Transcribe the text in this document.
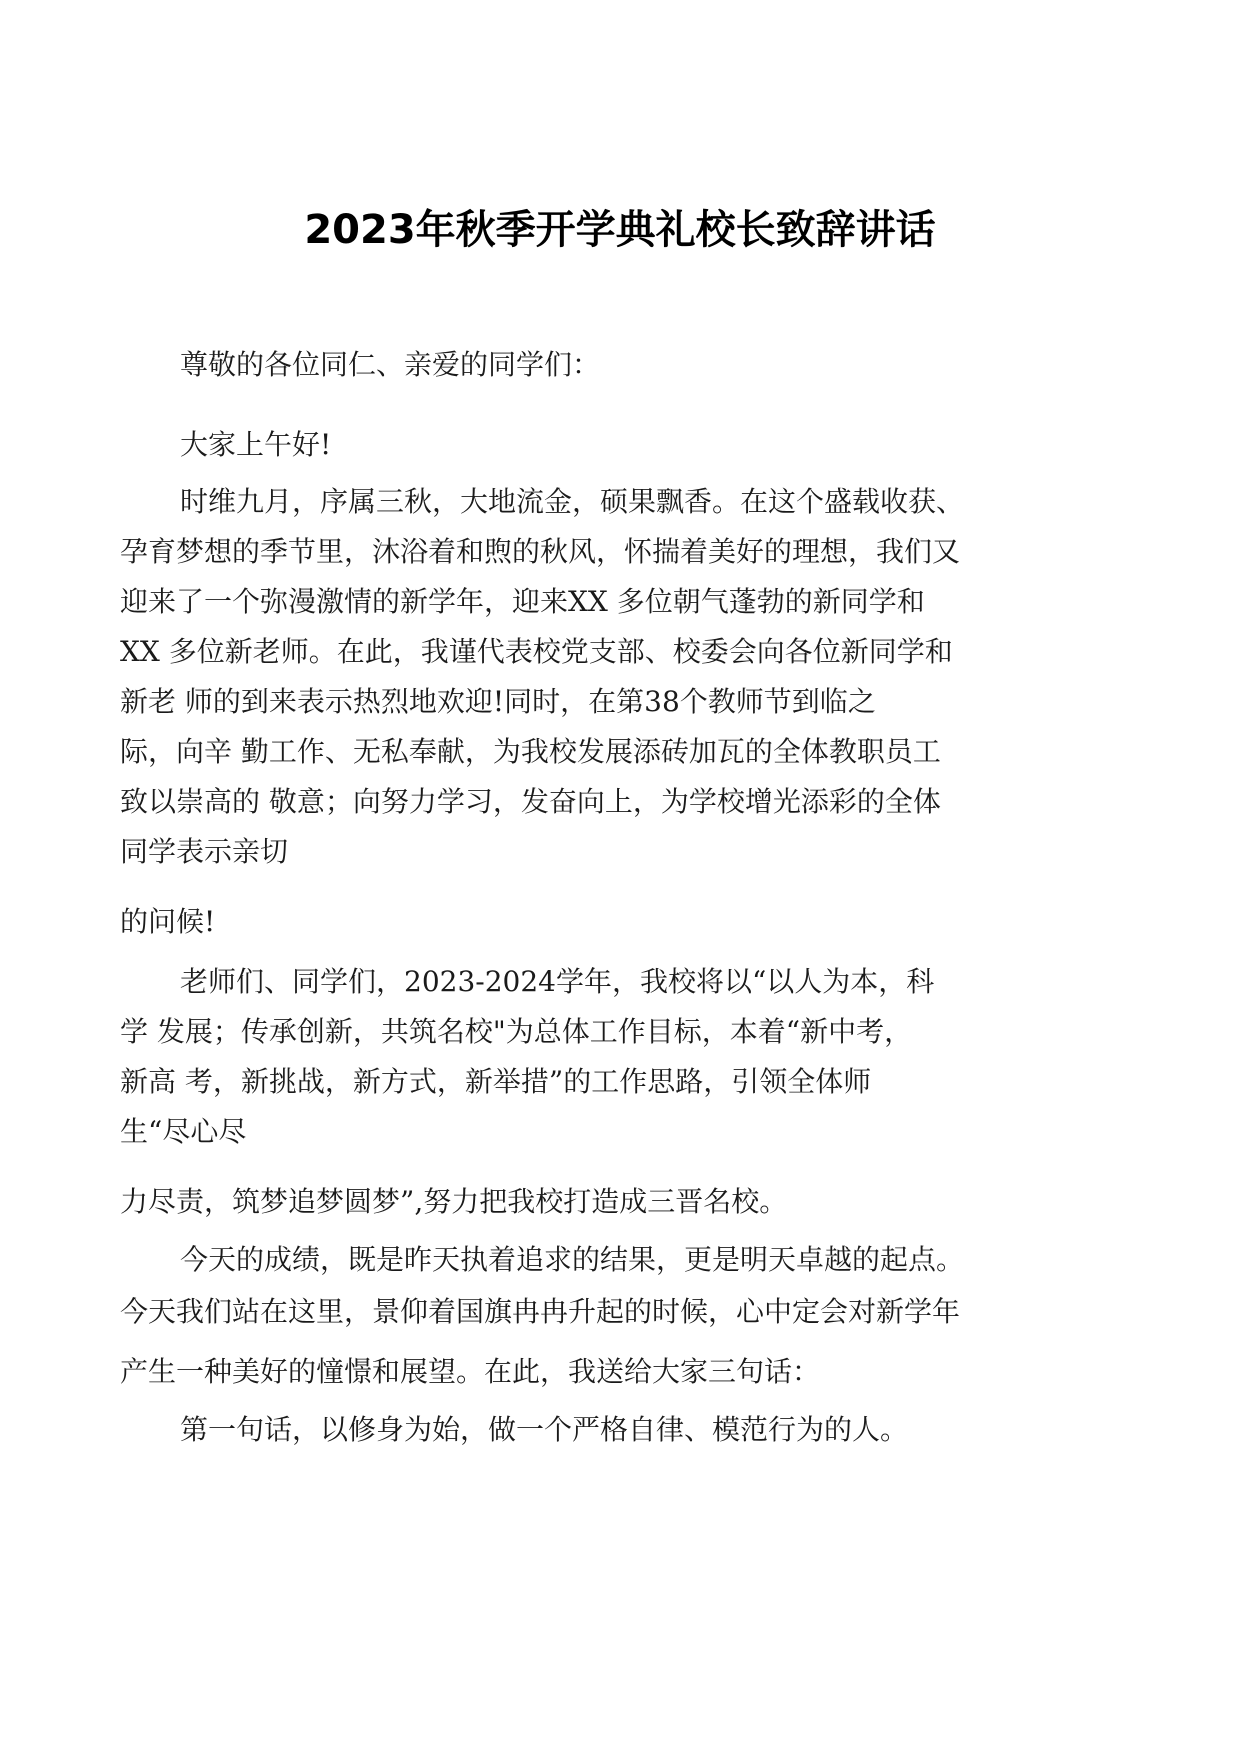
2023年秋季开学典礼校长致辞讲话

尊敬的各位同仁、亲爱的同学们：

大家上午好!

时维九月，序属三秋，大地流金，硕果飘香。在这个盛载收获、

孕育梦想的季节里，沐浴着和煦的秋风，怀揣着美好的理想，我们又

迎来了一个弥漫激情的新学年，迎来XX 多位朝气蓬勃的新同学和

XX 多位新老师。在此，我谨代表校党支部、校委会向各位新同学和

新老 师的到来表示热烈地欢迎!同时，在第38个教师节到临之

际，向辛 勤工作、无私奉献，为我校发展添砖加瓦的全体教职员工

致以崇高的 敬意；向努力学习，发奋向上，为学校增光添彩的全体

同学表示亲切

的问候!

老师们、同学们，2023-2024学年，我校将以“以人为本，科

学 发展；传承创新，共筑名校"为总体工作目标，本着“新中考，

新高 考，新挑战，新方式，新举措”的工作思路，引领全体师

生“尽心尽

力尽责，筑梦追梦圆梦”,努力把我校打造成三晋名校。

今天的成绩，既是昨天执着追求的结果，更是明天卓越的起点。

今天我们站在这里，景仰着国旗冉冉升起的时候，心中定会对新学年

产生一种美好的憧憬和展望。在此，我送给大家三句话：

第一句话，以修身为始，做一个严格自律、模范行为的人。
